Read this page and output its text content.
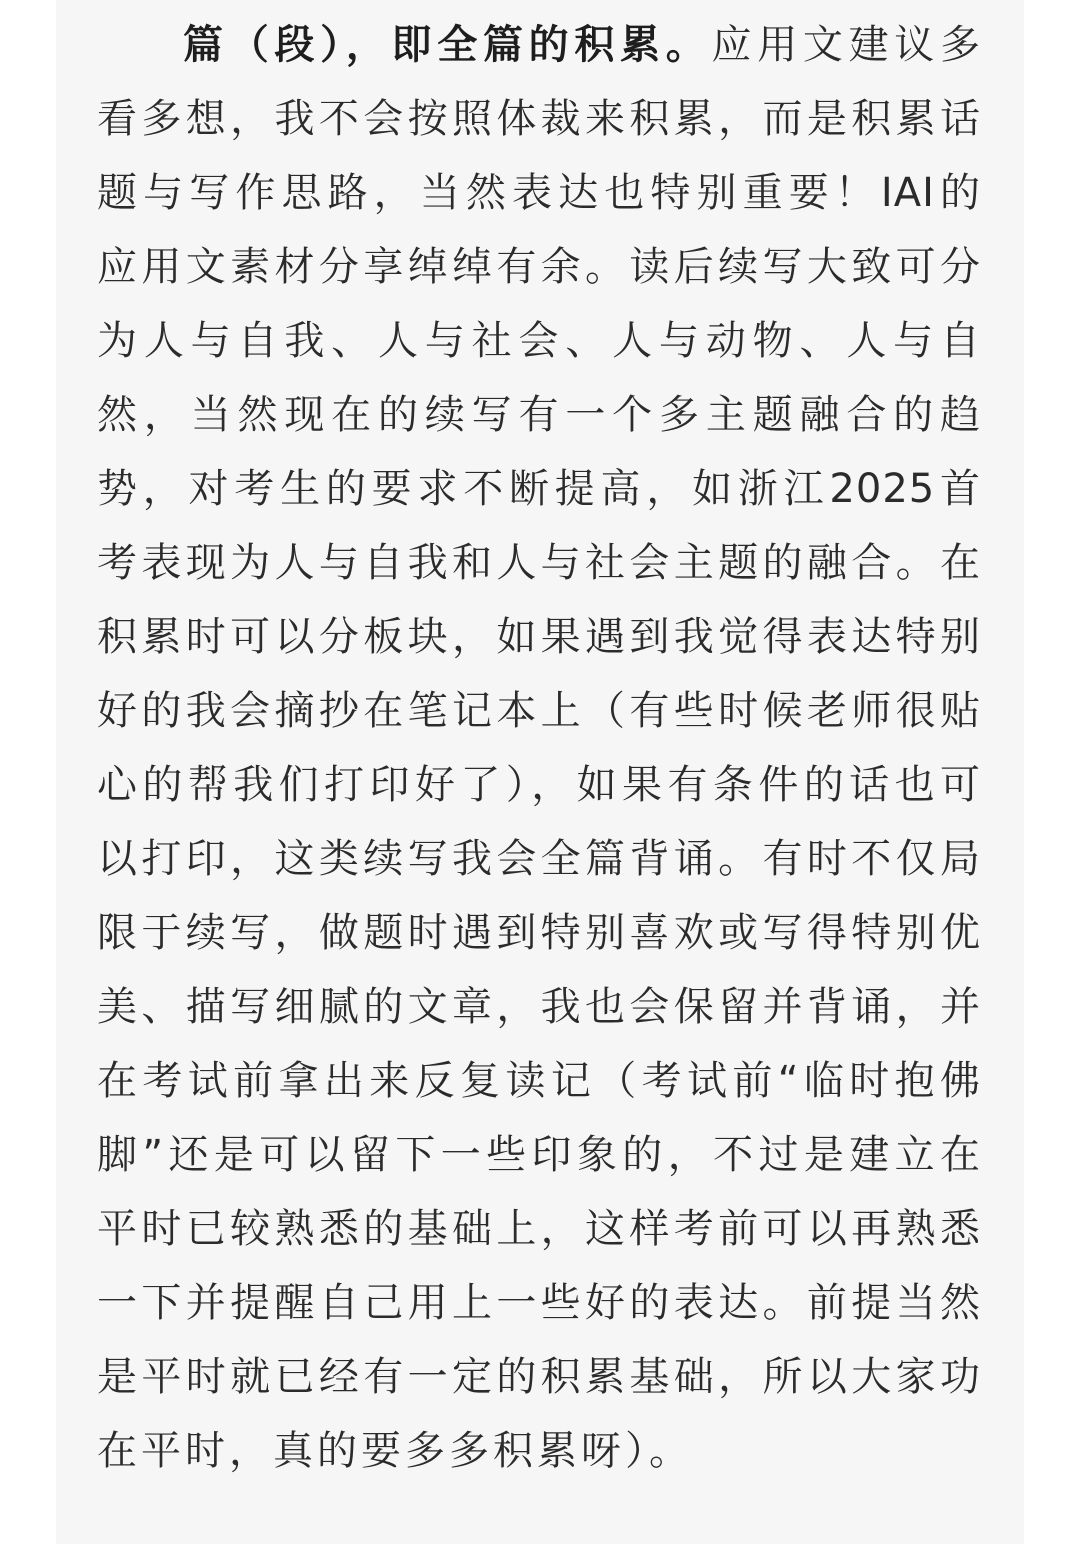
篇（段），即全篇的积累。应用文建议多
看多想，我不会按照体裁来积累，而是积累话
题与写作思路，当然表达也特别重要！IAI的
应用文素材分享绰绰有余。读后续写大致可分
为人与自我、人与社会、人与动物、人与自
然，当然现在的续写有一个多主题融合的趋
势，对考生的要求不断提高，如浙江2025首
考表现为人与自我和人与社会主题的融合。在
积累时可以分板块，如果遇到我觉得表达特别
好的我会摘抄在笔记本上（有些时候老师很贴
心的帮我们打印好了），如果有条件的话也可
以打印，这类续写我会全篇背诵。有时不仅局
限于续写，做题时遇到特别喜欢或写得特别优
美、描写细腻的文章，我也会保留并背诵，并
在考试前拿出来反复读记（考试前“临时抱佛
脚”还是可以留下一些印象的，不过是建立在
平时已较熟悉的基础上，这样考前可以再熟悉
一下并提醒自己用上一些好的表达。前提当然
是平时就已经有一定的积累基础，所以大家功
在平时，真的要多多积累呀）。
